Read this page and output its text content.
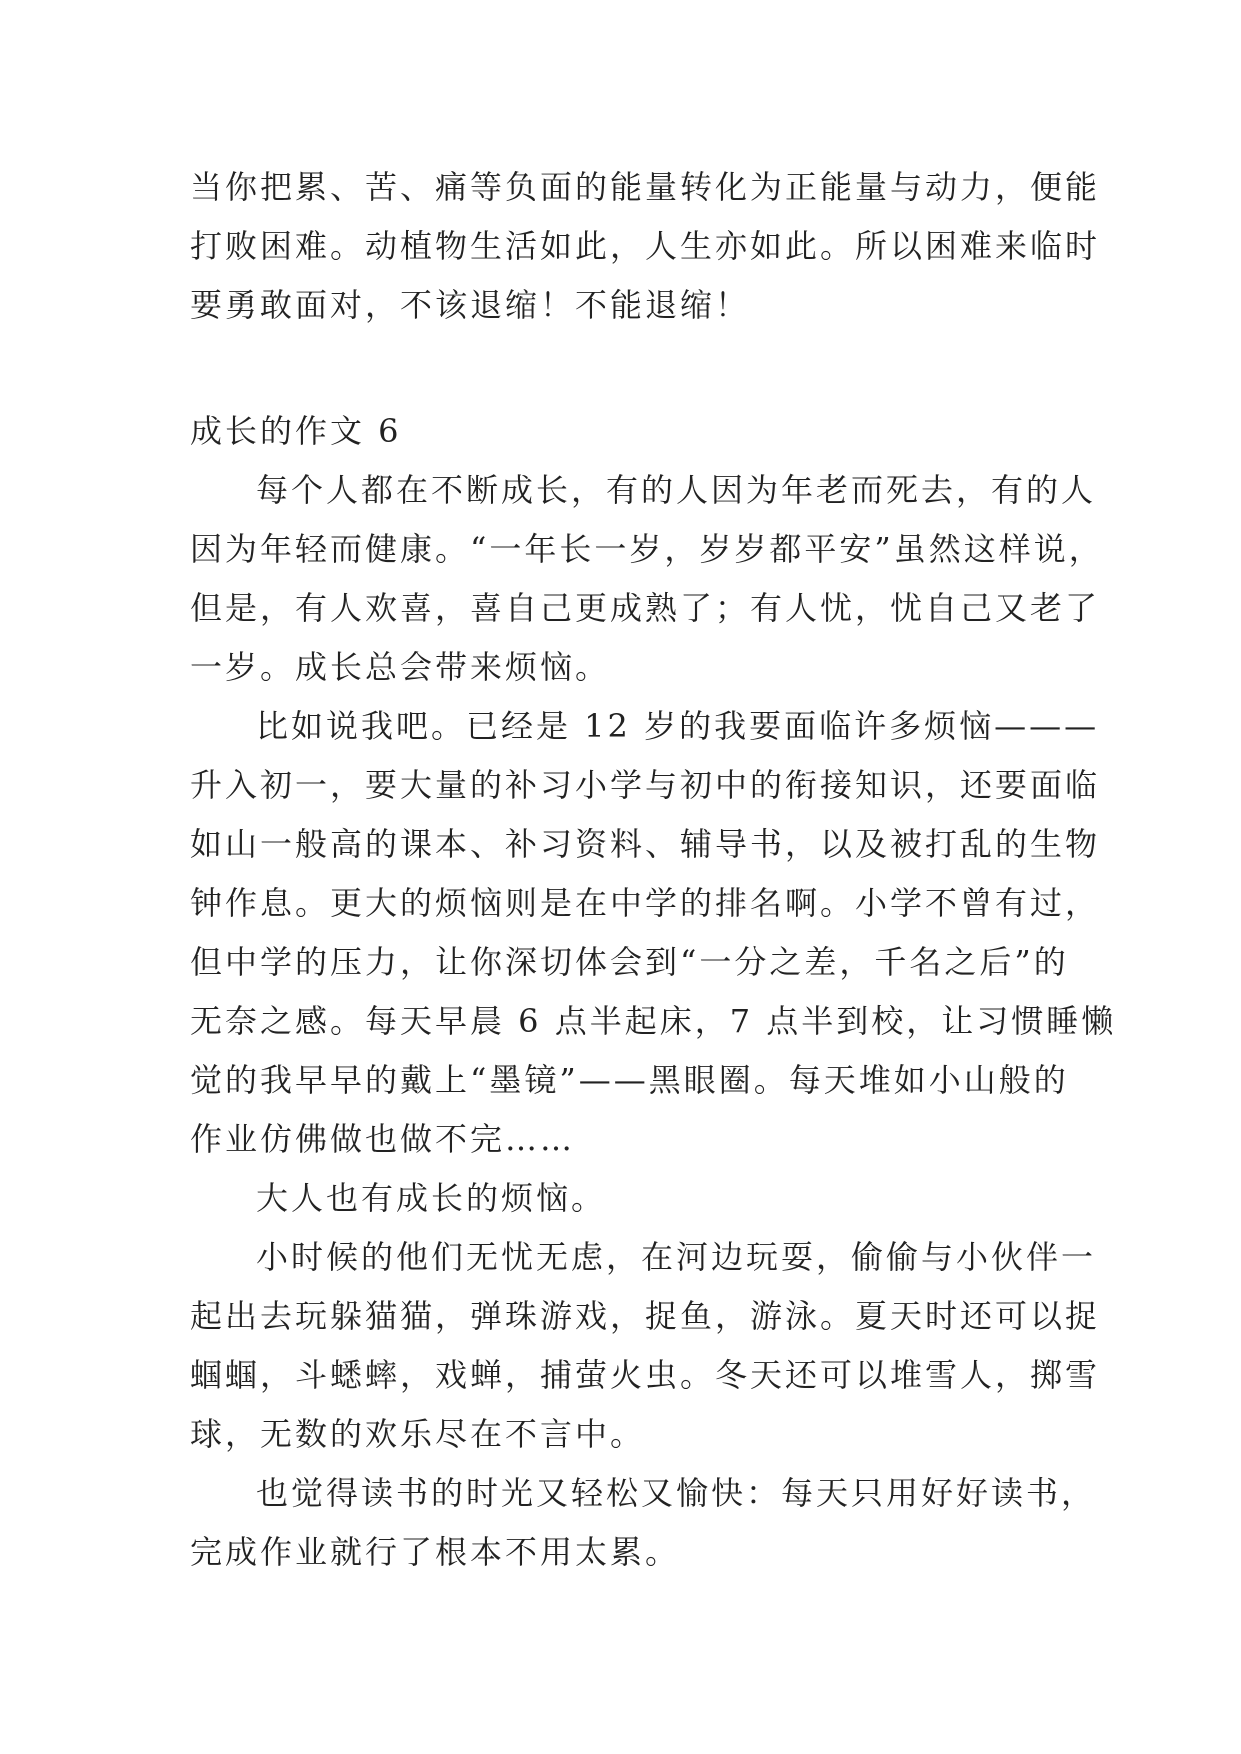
当你把累、苦、痛等负面的能量转化为正能量与动力，便能
打败困难。动植物生活如此，人生亦如此。所以困难来临时
要勇敢面对，不该退缩！不能退缩！
成长的作文 6
每个人都在不断成长，有的人因为年老而死去，有的人
因为年轻而健康。“一年长一岁，岁岁都平安”虽然这样说，
但是，有人欢喜，喜自己更成熟了；有人忧，忧自己又老了
一岁。成长总会带来烦恼。
比如说我吧。已经是 12 岁的我要面临许多烦恼———
升入初一，要大量的补习小学与初中的衔接知识，还要面临
如山一般高的课本、补习资料、辅导书，以及被打乱的生物
钟作息。更大的烦恼则是在中学的排名啊。小学不曾有过，
但中学的压力，让你深切体会到“一分之差，千名之后”的
无奈之感。每天早晨 6 点半起床，7 点半到校，让习惯睡懒
觉的我早早的戴上“墨镜”——黑眼圈。每天堆如小山般的
作业仿佛做也做不完……
大人也有成长的烦恼。
小时候的他们无忧无虑，在河边玩耍，偷偷与小伙伴一
起出去玩躲猫猫，弹珠游戏，捉鱼，游泳。夏天时还可以捉
蝈蝈，斗蟋蟀，戏蝉，捕萤火虫。冬天还可以堆雪人，掷雪
球，无数的欢乐尽在不言中。
也觉得读书的时光又轻松又愉快：每天只用好好读书，
完成作业就行了根本不用太累。
